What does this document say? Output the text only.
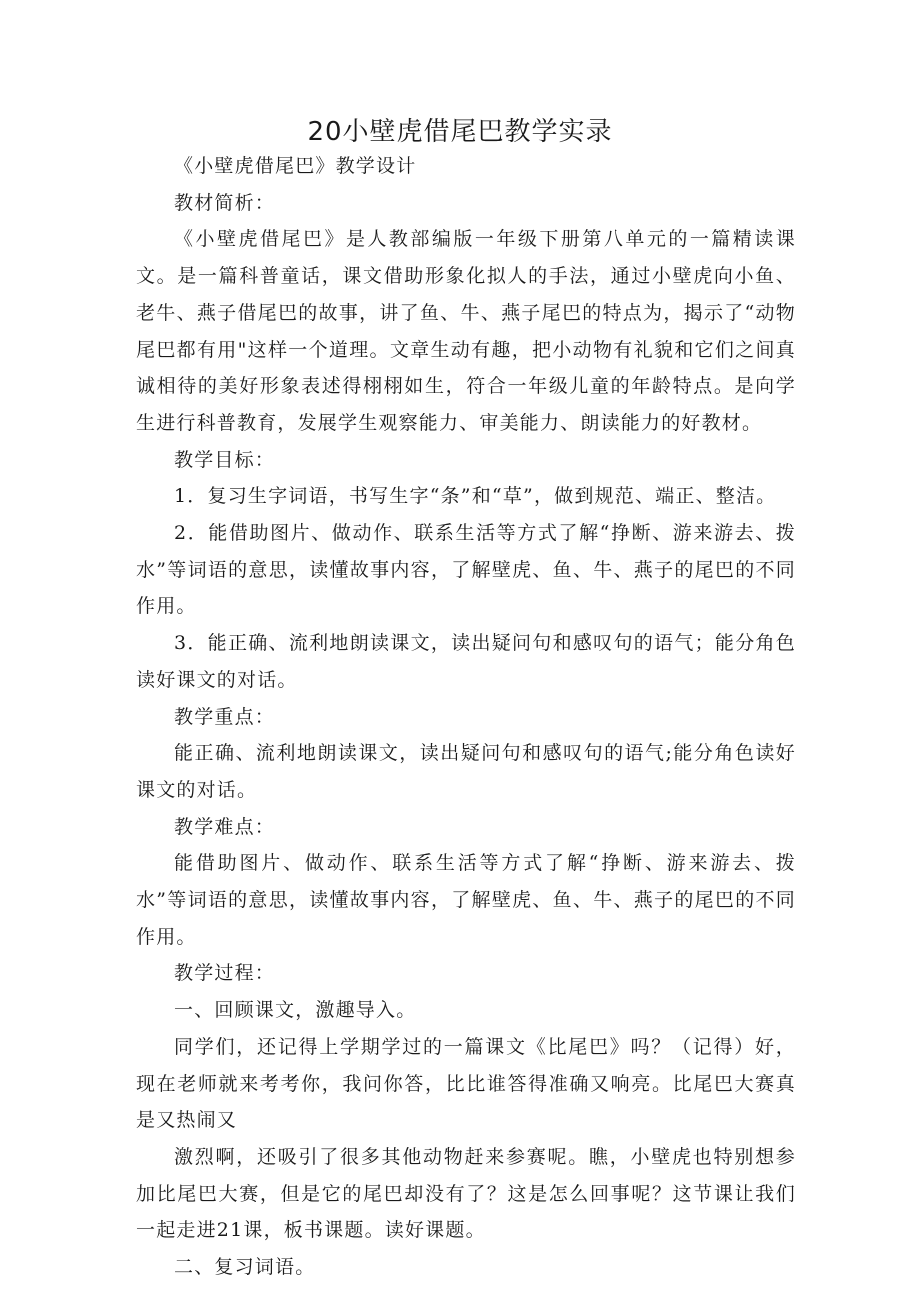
20小壁虎借尾巴教学实录

《小壁虎借尾巴》教学设计

教材简析：

《小壁虎借尾巴》是人教部编版一年级下册第八单元的一篇精读课文。是一篇科普童话，课文借助形象化拟人的手法，通过小壁虎向小鱼、老牛、燕子借尾巴的故事，讲了鱼、牛、燕子尾巴的特点为，揭示了“动物尾巴都有用"这样一个道理。文章生动有趣，把小动物有礼貌和它们之间真诚相待的美好形象表述得栩栩如生，符合一年级儿童的年龄特点。是向学生进行科普教育，发展学生观察能力、审美能力、朗读能力的好教材。

教学目标：

1．复习生字词语，书写生字“条”和“草”，做到规范、端正、整洁。

2．能借助图片、做动作、联系生活等方式了解“挣断、游来游去、拨水”等词语的意思，读懂故事内容，了解壁虎、鱼、牛、燕子的尾巴的不同作用。

3．能正确、流利地朗读课文，读出疑问句和感叹句的语气；能分角色读好课文的对话。

教学重点：

能正确、流利地朗读课文，读出疑问句和感叹句的语气;能分角色读好课文的对话。

教学难点：

能借助图片、做动作、联系生活等方式了解“挣断、游来游去、拨水”等词语的意思，读懂故事内容，了解壁虎、鱼、牛、燕子的尾巴的不同作用。

教学过程：

一、回顾课文，激趣导入。

同学们，还记得上学期学过的一篇课文《比尾巴》吗？（记得）好，现在老师就来考考你，我问你答，比比谁答得准确又响亮。比尾巴大赛真是又热闹又

激烈啊，还吸引了很多其他动物赶来参赛呢。瞧，小壁虎也特别想参加比尾巴大赛，但是它的尾巴却没有了？这是怎么回事呢？这节课让我们一起走进21课，板书课题。读好课题。

二、复习词语。
